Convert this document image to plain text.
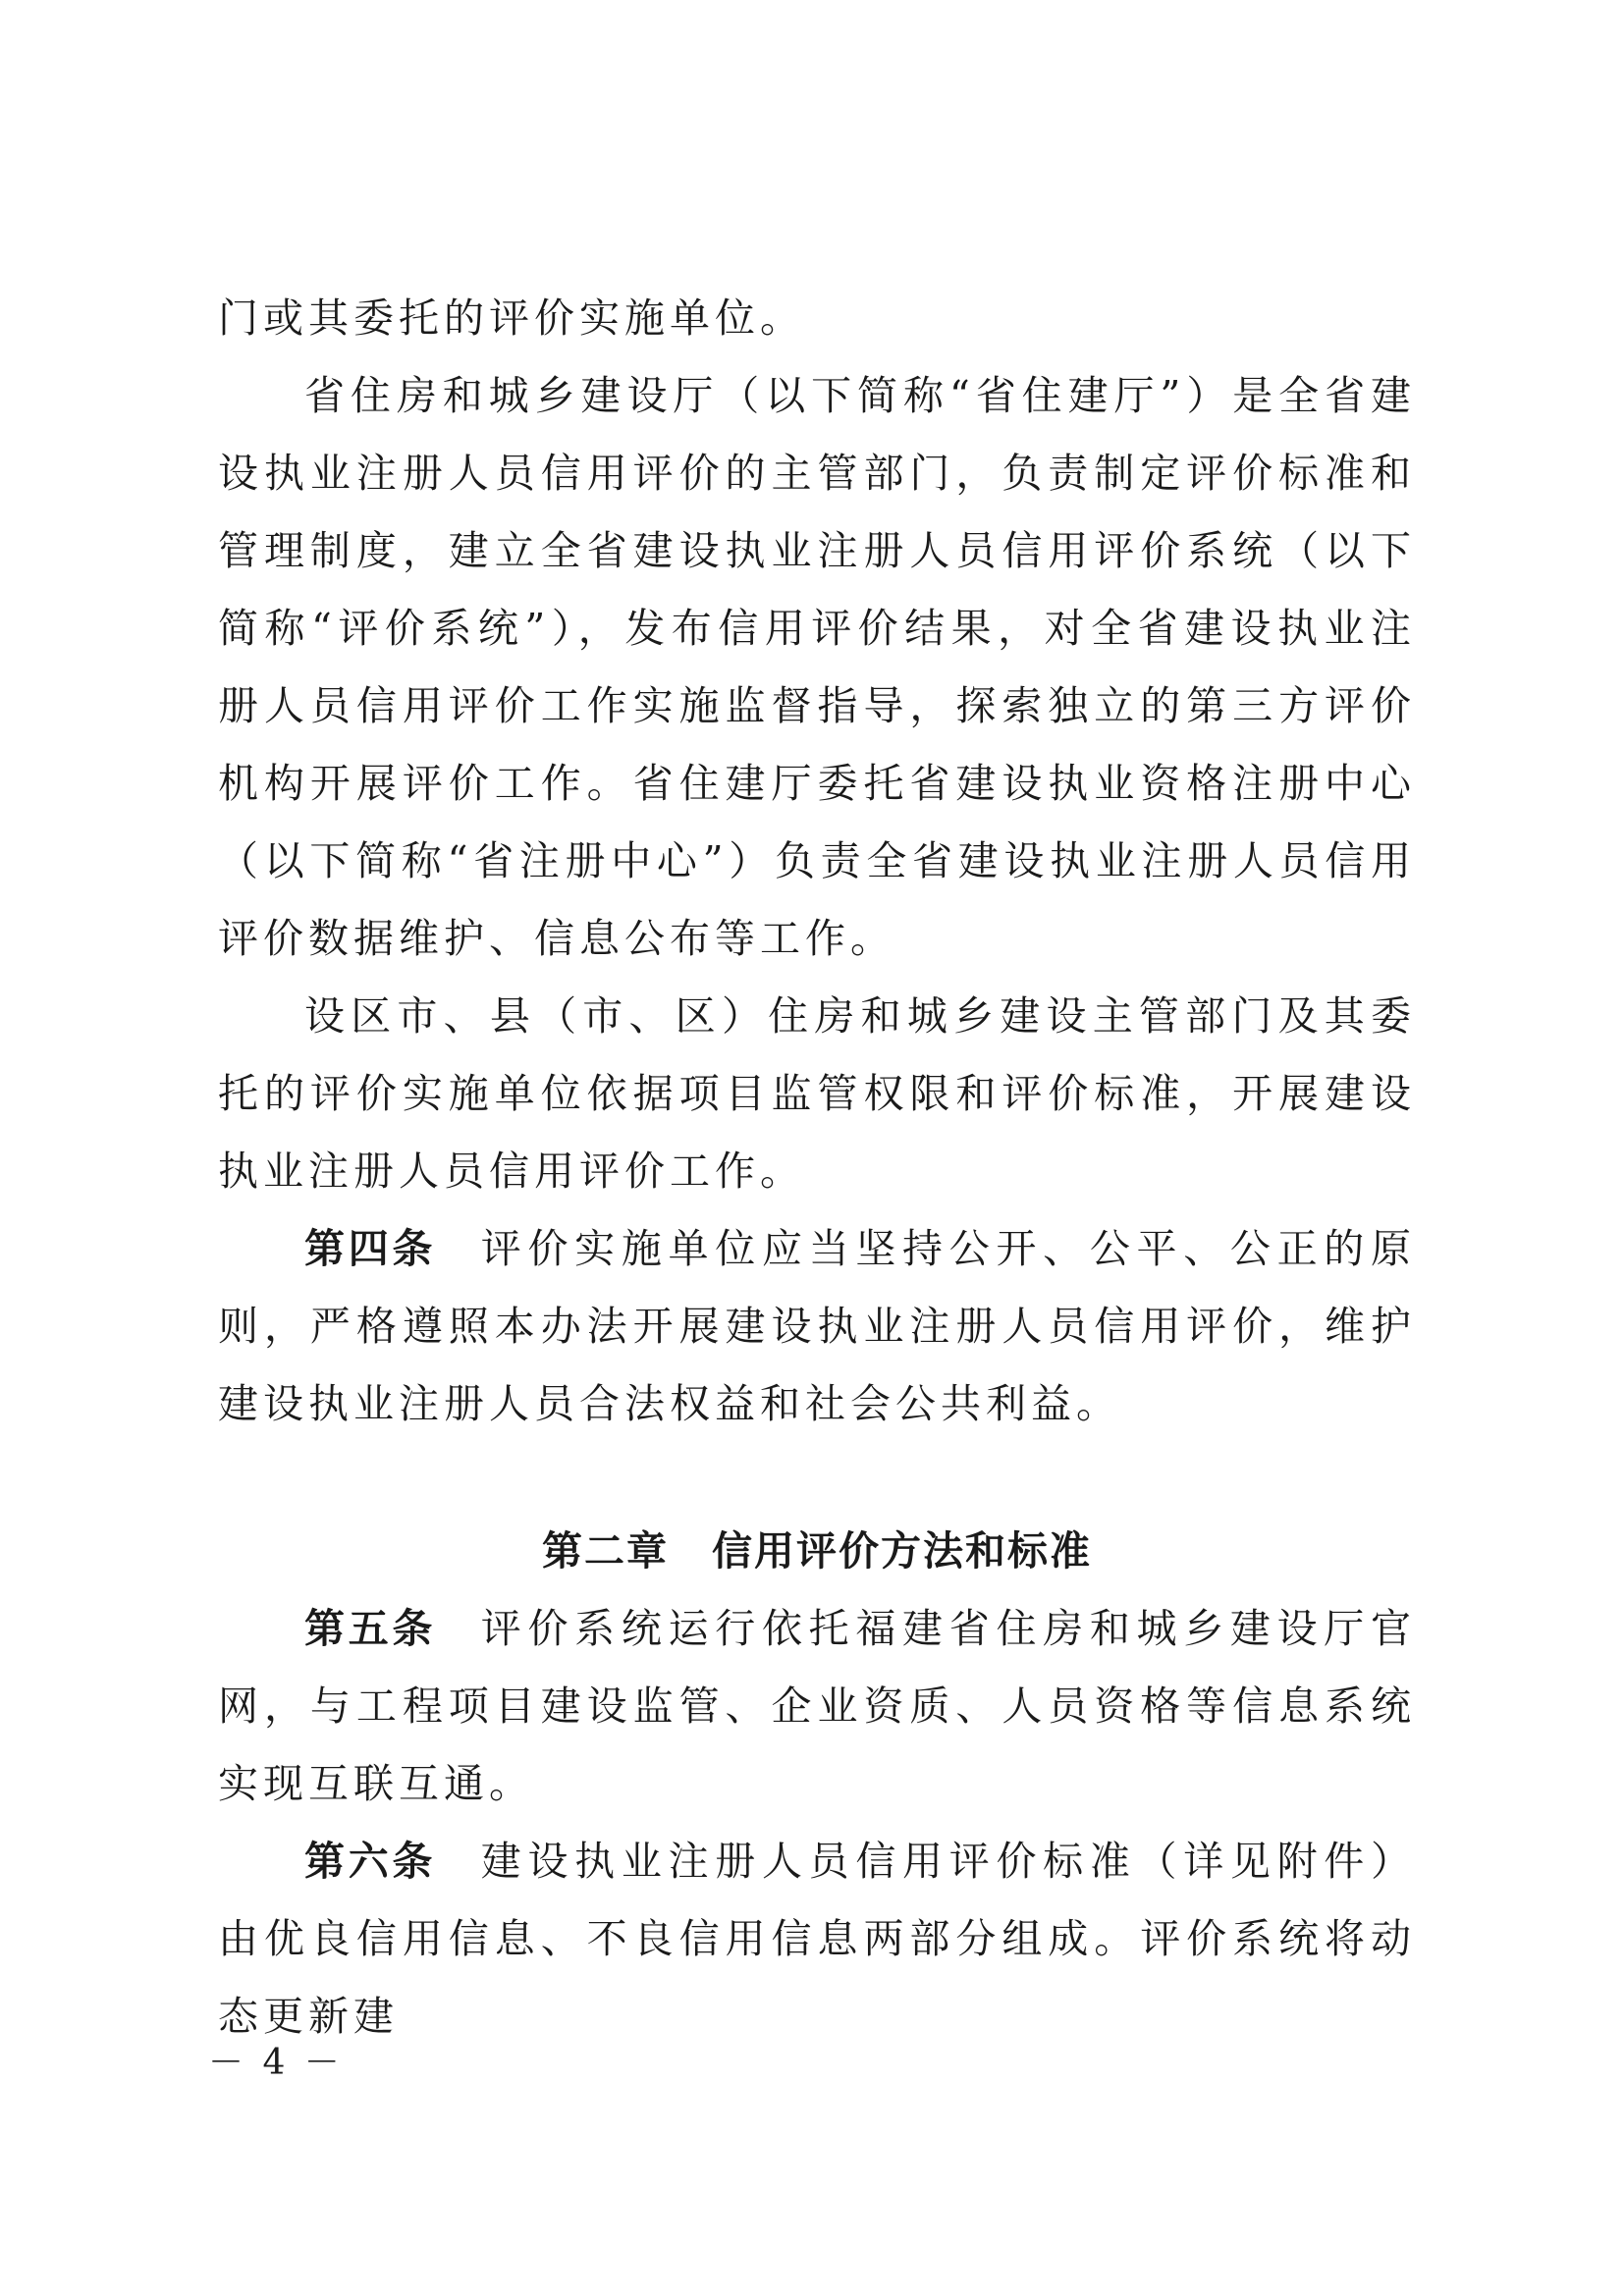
门或其委托的评价实施单位。

省住房和城乡建设厅（以下简称“省住建厅”）是全省建设执业注册人员信用评价的主管部门，负责制定评价标准和管理制度，建立全省建设执业注册人员信用评价系统（以下简称“评价系统”），发布信用评价结果，对全省建设执业注册人员信用评价工作实施监督指导，探索独立的第三方评价机构开展评价工作。省住建厅委托省建设执业资格注册中心（以下简称“省注册中心”）负责全省建设执业注册人员信用评价数据维护、信息公布等工作。

设区市、县（市、区）住房和城乡建设主管部门及其委托的评价实施单位依据项目监管权限和评价标准，开展建设执业注册人员信用评价工作。

第四条 评价实施单位应当坚持公开、公平、公正的原则，严格遵照本办法开展建设执业注册人员信用评价，维护建设执业注册人员合法权益和社会公共利益。

第二章 信用评价方法和标准

第五条 评价系统运行依托福建省住房和城乡建设厅官网，与工程项目建设监管、企业资质、人员资格等信息系统实现互联互通。

第六条 建设执业注册人员信用评价标准（详见附件）由优良信用信息、不良信用信息两部分组成。评价系统将动态更新建

－ 4 －
